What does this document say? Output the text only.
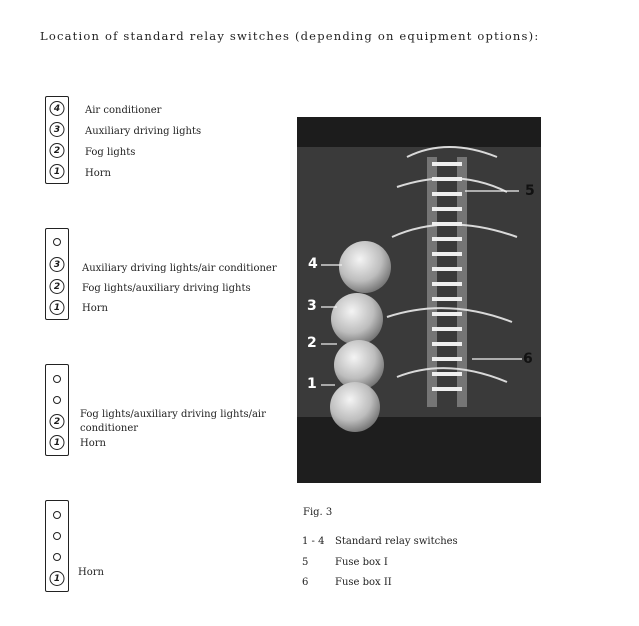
Location of standard relay switches (depending on equipment options):
4
3
2
1
Air conditioner
Auxiliary driving lights
Fog lights
Horn
3
2
1
Auxiliary driving lights/air conditioner
Fog lights/auxiliary driving lights
Horn
2
1
Fog lights/auxiliary driving lights/air conditioner
Horn
1
Horn
4
3
2
1
5
6
Fig. 3
1 - 4 Standard relay switches
5	Fuse box I
6	Fuse box II
